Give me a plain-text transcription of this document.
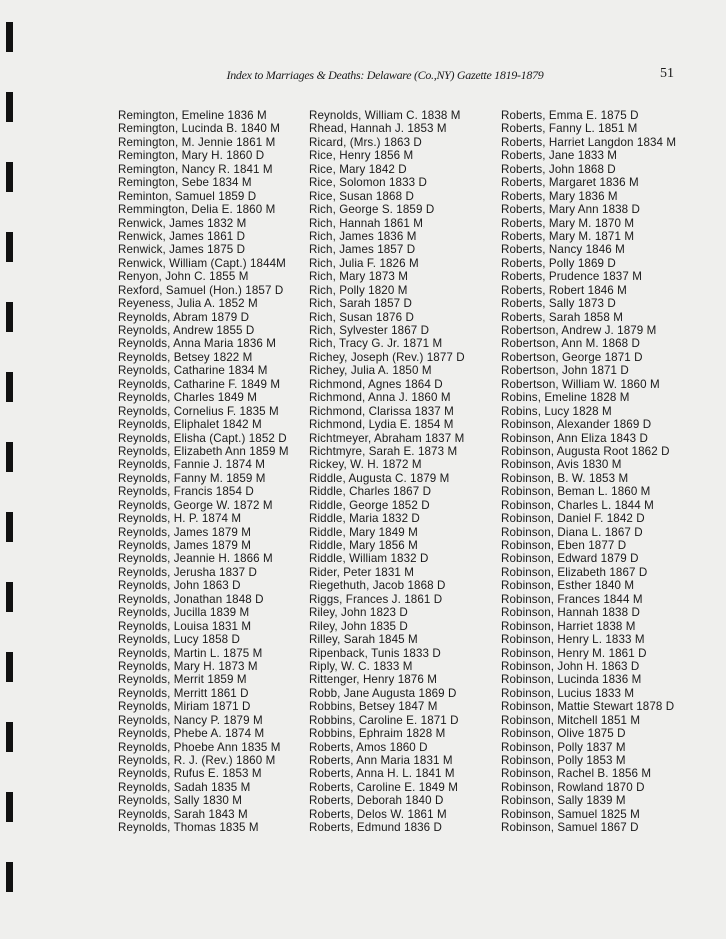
Index to Marriages & Deaths: Delaware (Co.,NY) Gazette 1819-1879	51
Remington, Emeline 1836 M
Remington, Lucinda B. 1840 M
Remington, M. Jennie 1861 M
Remington, Mary H. 1860 D
Remington, Nancy R. 1841 M
Remington, Sebe 1834 M
Reminton, Samuel 1859 D
Remmington, Delia E. 1860 M
Renwick, James 1832 M
Renwick, James 1861 D
Renwick, James 1875 D
Renwick, William (Capt.) 1844M
Renyon, John C. 1855 M
Rexford, Samuel (Hon.) 1857 D
Reyeness, Julia A. 1852 M
Reynolds, Abram 1879 D
Reynolds, Andrew 1855 D
Reynolds, Anna Maria 1836 M
Reynolds, Betsey 1822 M
Reynolds, Catharine 1834 M
Reynolds, Catharine F. 1849 M
Reynolds, Charles 1849 M
Reynolds, Cornelius F. 1835 M
Reynolds, Eliphalet 1842 M
Reynolds, Elisha (Capt.) 1852 D
Reynolds, Elizabeth Ann 1859 M
Reynolds, Fannie J. 1874 M
Reynolds, Fanny M. 1859 M
Reynolds, Francis 1854 D
Reynolds, George W. 1872 M
Reynolds, H. P. 1874 M
Reynolds, James 1879 M
Reynolds, James 1879 M
Reynolds, Jeannie H. 1866 M
Reynolds, Jerusha 1837 D
Reynolds, John 1863 D
Reynolds, Jonathan 1848 D
Reynolds, Jucilla 1839 M
Reynolds, Louisa 1831 M
Reynolds, Lucy 1858 D
Reynolds, Martin L. 1875 M
Reynolds, Mary H. 1873 M
Reynolds, Merrit 1859 M
Reynolds, Merritt 1861 D
Reynolds, Miriam 1871 D
Reynolds, Nancy P. 1879 M
Reynolds, Phebe A. 1874 M
Reynolds, Phoebe Ann 1835 M
Reynolds, R. J. (Rev.) 1860 M
Reynolds, Rufus E. 1853 M
Reynolds, Sadah 1835 M
Reynolds, Sally 1830 M
Reynolds, Sarah 1843 M
Reynolds, Thomas 1835 M
Reynolds, William C. 1838 M
Rhead, Hannah J. 1853 M
Ricard, (Mrs.) 1863 D
Rice, Henry 1856 M
Rice, Mary 1842 D
Rice, Solomon 1833 D
Rice, Susan 1868 D
Rich, George S. 1859 D
Rich, Hannah 1861 M
Rich, James 1836 M
Rich, James 1857 D
Rich, Julia F. 1826 M
Rich, Mary 1873 M
Rich, Polly 1820 M
Rich, Sarah 1857 D
Rich, Susan 1876 D
Rich, Sylvester 1867 D
Rich, Tracy G. Jr. 1871 M
Richey, Joseph (Rev.) 1877 D
Richey, Julia A. 1850 M
Richmond, Agnes 1864 D
Richmond, Anna J. 1860 M
Richmond, Clarissa 1837 M
Richmond, Lydia E. 1854 M
Richtmeyer, Abraham 1837 M
Richtmyre, Sarah E. 1873 M
Rickey, W. H. 1872 M
Riddle, Augusta C. 1879 M
Riddle, Charles 1867 D
Riddle, George 1852 D
Riddle, Maria 1832 D
Riddle, Mary 1849 M
Riddle, Mary 1856 M
Riddle, William 1832 D
Rider, Peter 1831 M
Riegethuth, Jacob 1868 D
Riggs, Frances J. 1861 D
Riley, John 1823 D
Riley, John 1835 D
Rilley, Sarah 1845 M
Ripenback, Tunis 1833 D
Riply, W. C. 1833 M
Rittenger, Henry 1876 M
Robb, Jane Augusta 1869 D
Robbins, Betsey 1847 M
Robbins, Caroline E. 1871 D
Robbins, Ephraim 1828 M
Roberts, Amos 1860 D
Roberts, Ann Maria 1831 M
Roberts, Anna H. L. 1841 M
Roberts, Caroline E. 1849 M
Roberts, Deborah 1840 D
Roberts, Delos W. 1861 M
Roberts, Edmund 1836 D
Roberts, Emma E. 1875 D
Roberts, Fanny L. 1851 M
Roberts, Harriet Langdon 1834 M
Roberts, Jane 1833 M
Roberts, John 1868 D
Roberts, Margaret 1836 M
Roberts, Mary 1836 M
Roberts, Mary Ann 1838 D
Roberts, Mary M. 1870 M
Roberts, Mary M. 1871 M
Roberts, Nancy 1846 M
Roberts, Polly 1869 D
Roberts, Prudence 1837 M
Roberts, Robert 1846 M
Roberts, Sally 1873 D
Roberts, Sarah 1858 M
Robertson, Andrew J. 1879 M
Robertson, Ann M. 1868 D
Robertson, George 1871 D
Robertson, John 1871 D
Robertson, William W. 1860 M
Robins, Emeline 1828 M
Robins, Lucy 1828 M
Robinson, Alexander 1869 D
Robinson, Ann Eliza 1843 D
Robinson, Augusta Root 1862 D
Robinson, Avis 1830 M
Robinson, B. W. 1853 M
Robinson, Beman L. 1860 M
Robinson, Charles L. 1844 M
Robinson, Daniel F. 1842 D
Robinson, Diana L. 1867 D
Robinson, Eben 1877 D
Robinson, Edward 1879 D
Robinson, Elizabeth 1867 D
Robinson, Esther 1840 M
Robinson, Frances 1844 M
Robinson, Hannah 1838 D
Robinson, Harriet 1838 M
Robinson, Henry L. 1833 M
Robinson, Henry M. 1861 D
Robinson, John H. 1863 D
Robinson, Lucinda 1836 M
Robinson, Lucius 1833 M
Robinson, Mattie Stewart 1878 D
Robinson, Mitchell 1851 M
Robinson, Olive 1875 D
Robinson, Polly 1837 M
Robinson, Polly 1853 M
Robinson, Rachel B. 1856 M
Robinson, Rowland 1870 D
Robinson, Sally 1839 M
Robinson, Samuel 1825 M
Robinson, Samuel 1867 D
